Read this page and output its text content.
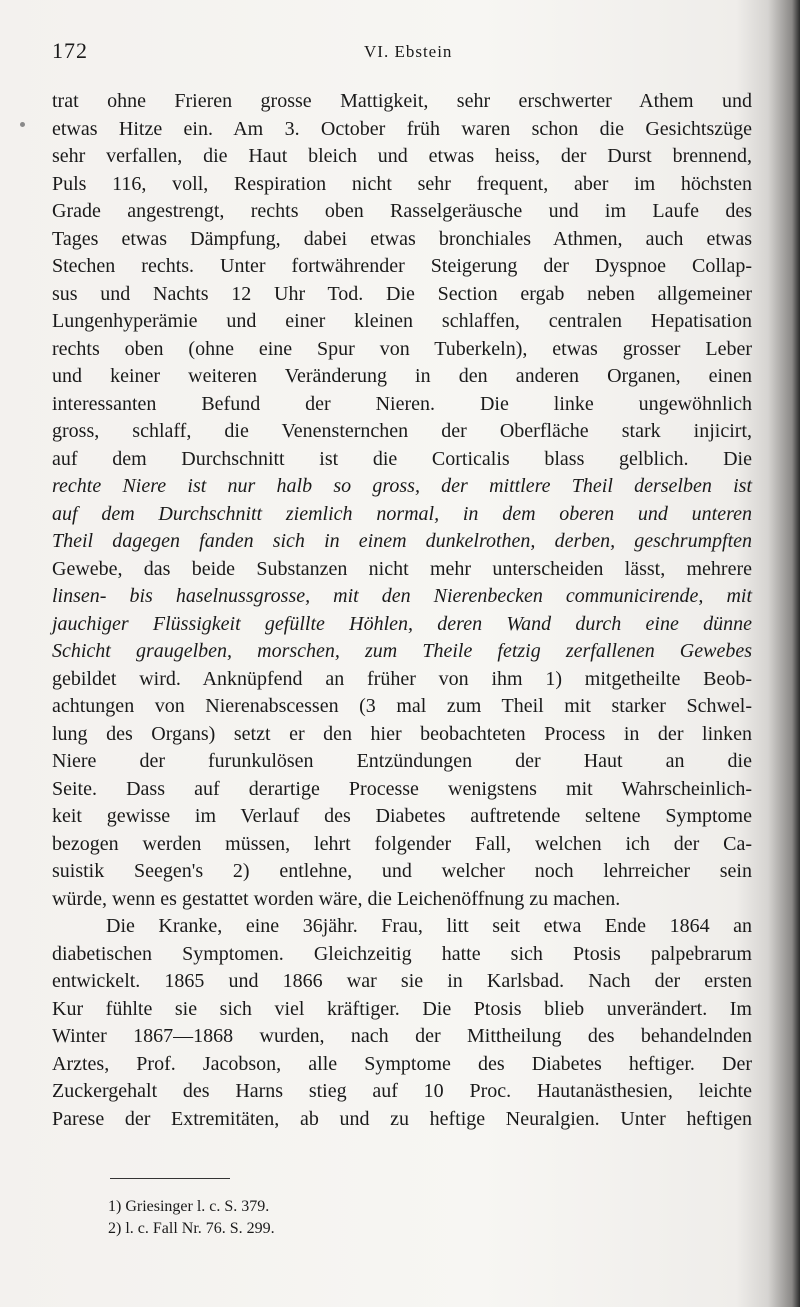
172	VI. Ebstein
trat ohne Frieren grosse Mattigkeit, sehr erschwerter Athem und
etwas Hitze ein. Am 3. October früh waren schon die Gesichtszüge
sehr verfallen, die Haut bleich und etwas heiss, der Durst brennend,
Puls 116, voll, Respiration nicht sehr frequent, aber im höchsten
Grade angestrengt, rechts oben Rasselgeräusche und im Laufe des
Tages etwas Dämpfung, dabei etwas bronchiales Athmen, auch etwas
Stechen rechts. Unter fortwährender Steigerung der Dyspnoe Collap-
sus und Nachts 12 Uhr Tod. Die Section ergab neben allgemeiner
Lungenhyperämie und einer kleinen schlaffen, centralen Hepatisation
rechts oben (ohne eine Spur von Tuberkeln), etwas grosser Leber
und keiner weiteren Veränderung in den anderen Organen, einen
interessanten Befund der Nieren. Die linke ungewöhnlich
gross, schlaff, die Venensternchen der Oberfläche stark injicirt,
auf dem Durchschnitt ist die Corticalis blass gelblich. Die
rechte Niere ist nur halb so gross, der mittlere Theil derselben ist
auf dem Durchschnitt ziemlich normal, in dem oberen und unteren
Theil dagegen fanden sich in einem dunkelrothen, derben, geschrumpften
Gewebe, das beide Substanzen nicht mehr unterscheiden lässt, mehrere
linsen- bis haselnussgrosse, mit den Nierenbecken communicirende, mit
jauchiger Flüssigkeit gefüllte Höhlen, deren Wand durch eine dünne
Schicht graugelben, morschen, zum Theile fetzig zerfallenen Gewebes
gebildet wird. Anknüpfend an früher von ihm 1) mitgetheilte Beob-
achtungen von Nierenabscessen (3 mal zum Theil mit starker Schwel-
lung des Organs) setzt er den hier beobachteten Process in der linken
Niere der furunkulösen Entzündungen der Haut an die
Seite. Dass auf derartige Processe wenigstens mit Wahrscheinlich-
keit gewisse im Verlauf des Diabetes auftretende seltene Symptome
bezogen werden müssen, lehrt folgender Fall, welchen ich der Ca-
suistik Seegen's 2) entlehne, und welcher noch lehrreicher sein
würde, wenn es gestattet worden wäre, die Leichenöffnung zu machen.
Die Kranke, eine 36jähr. Frau, litt seit etwa Ende 1864 an
diabetischen Symptomen. Gleichzeitig hatte sich Ptosis palpebrarum
entwickelt. 1865 und 1866 war sie in Karlsbad. Nach der ersten
Kur fühlte sie sich viel kräftiger. Die Ptosis blieb unverändert. Im
Winter 1867—1868 wurden, nach der Mittheilung des behandelnden
Arztes, Prof. Jacobson, alle Symptome des Diabetes heftiger. Der
Zuckergehalt des Harns stieg auf 10 Proc. Hautanästhesien, leichte
Parese der Extremitäten, ab und zu heftige Neuralgien. Unter heftigen
1) Griesinger l. c. S. 379.
2) l. c. Fall Nr. 76. S. 299.
